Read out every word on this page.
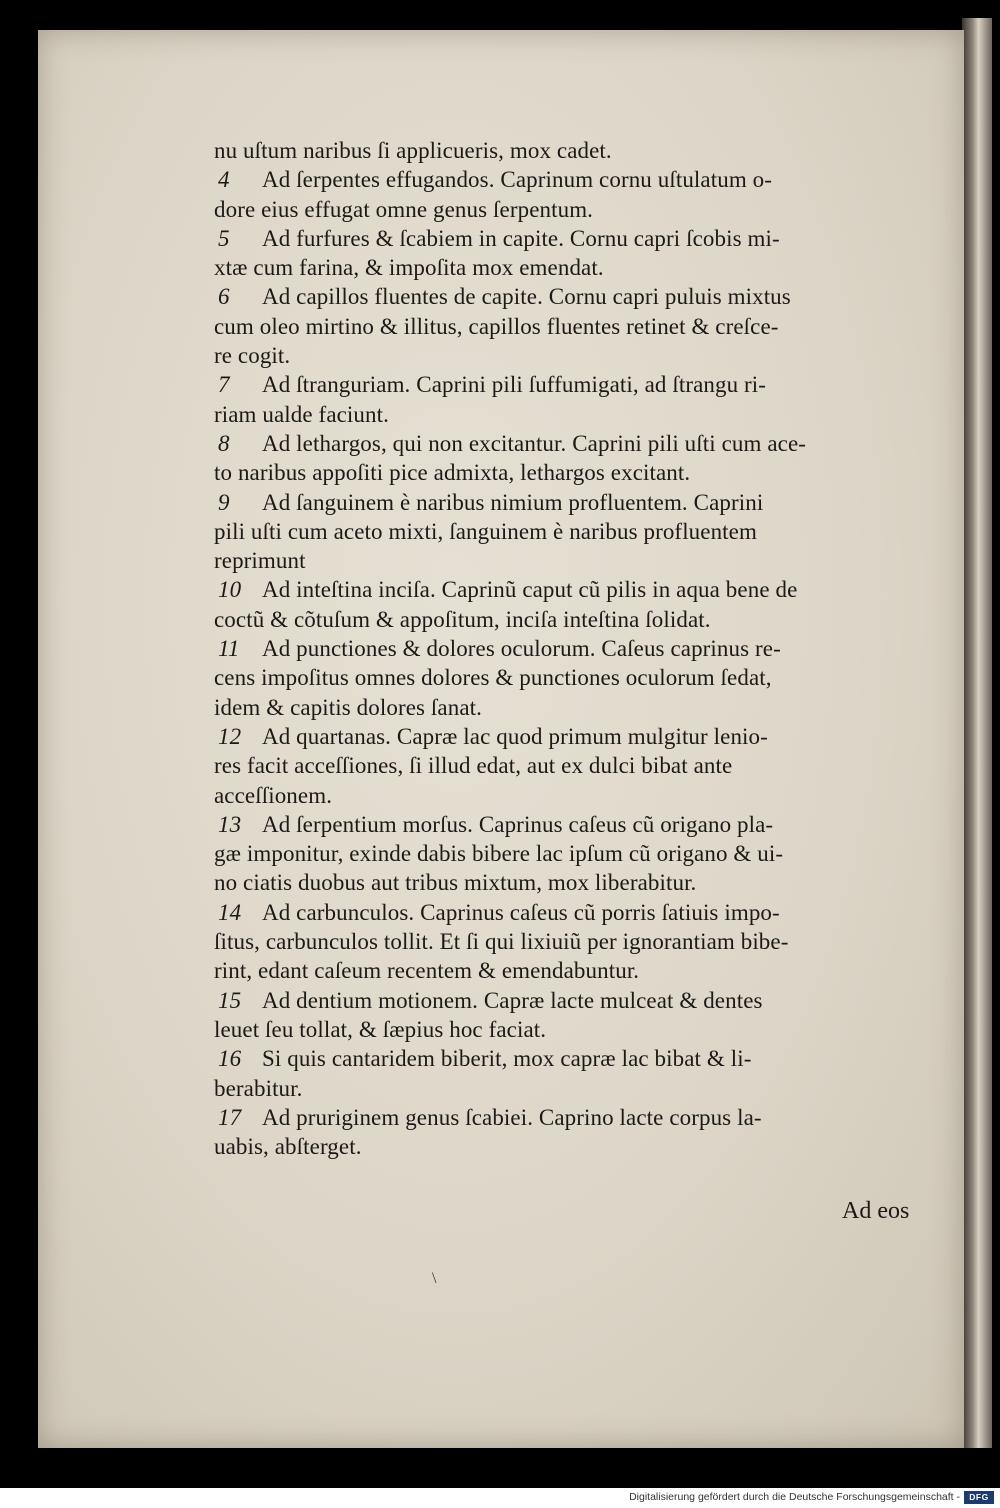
nu uſtum naribus ſi applicueris, mox cadet.

4 Ad ſerpentes effugandos. Caprinum cornu uſtulatum o-

dore eius effugat omne genus ſerpentum.

5 Ad furfures & ſcabiem in capite. Cornu capri ſcobis mi-

xtæ cum farina, & impoſita mox emendat.

6 Ad capillos fluentes de capite. Cornu capri puluis mixtus

cum oleo mirtino & illitus, capillos fluentes retinet & creſce-

re cogit.

7 Ad ſtranguriam. Caprini pili ſuffumigati, ad ſtrangu ri-

riam ualde faciunt.

8 Ad lethargos, qui non excitantur. Caprini pili uſti cum ace-

to naribus appoſiti pice admixta, lethargos excitant.

9 Ad ſanguinem è naribus nimium profluentem. Caprini

pili uſti cum aceto mixti, ſanguinem è naribus profluentem

reprimunt

10 Ad inteſtina inciſa. Caprinũ caput cũ pilis in aqua bene de

coctũ & cõtuſum & appoſitum, inciſa inteſtina ſolidat.

11 Ad punctiones & dolores oculorum. Caſeus caprinus re-

cens impoſitus omnes dolores & punctiones oculorum ſedat,

idem & capitis dolores ſanat.

12 Ad quartanas. Capræ lac quod primum mulgitur lenio-

res facit acceſſiones, ſi illud edat, aut ex dulci bibat ante

acceſſionem.

13 Ad ſerpentium morſus. Caprinus caſeus cũ origano pla-

gæ imponitur, exinde dabis bibere lac ipſum cũ origano & ui-

no ciatis duobus aut tribus mixtum, mox liberabitur.

14 Ad carbunculos. Caprinus caſeus cũ porris ſatiuis impo-

ſitus, carbunculos tollit. Et ſi qui lixiuiũ per ignorantiam bibe-

rint, edant caſeum recentem & emendabuntur.

15 Ad dentium motionem. Capræ lacte mulceat & dentes

leuet ſeu tollat, & ſæpius hoc faciat.

16 Si quis cantaridem biberit, mox capræ lac bibat & li-

berabitur.

17 Ad pruriginem genus ſcabiei. Caprino lacte corpus la-

uabis, abſterget.

Ad eos
\
Digitalisierung gefördert durch die Deutsche Forschungsgemeinschaft -	DFG
